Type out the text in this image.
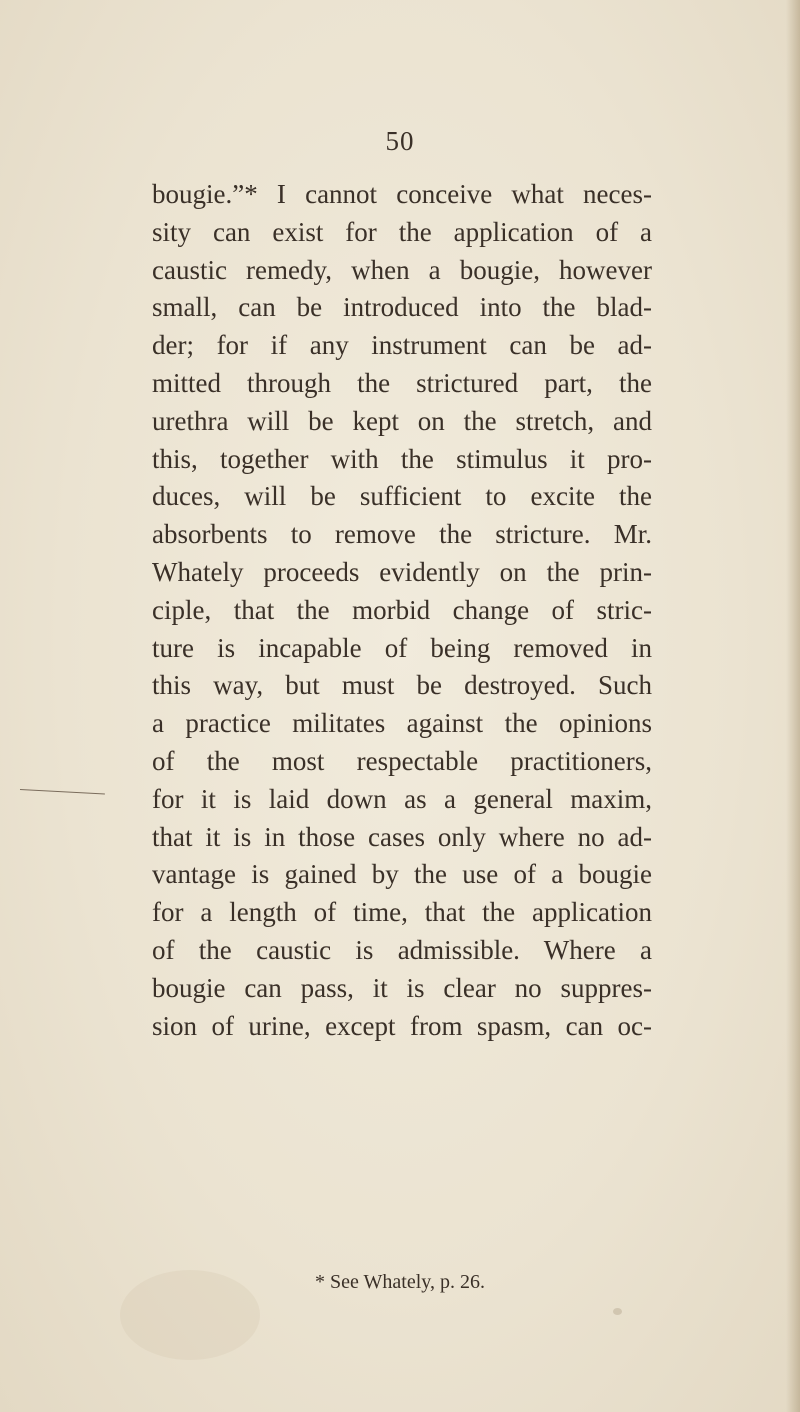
50
bougie.”* I cannot conceive what neces-
sity can exist for the application of a
caustic remedy, when a bougie, however
small, can be introduced into the blad-
der; for if any instrument can be ad-
mitted through the strictured part, the
urethra will be kept on the stretch, and
this, together with the stimulus it pro-
duces, will be sufficient to excite the
absorbents to remove the stricture. Mr.
Whately proceeds evidently on the prin-
ciple, that the morbid change of stric-
ture is incapable of being removed in
this way, but must be destroyed. Such
a practice militates against the opinions
of the most respectable practitioners,
for it is laid down as a general maxim,
that it is in those cases only where no ad-
vantage is gained by the use of a bougie
for a length of time, that the application
of the caustic is admissible. Where a
bougie can pass, it is clear no suppres-
sion of urine, except from spasm, can oc-
* See Whately, p. 26.
